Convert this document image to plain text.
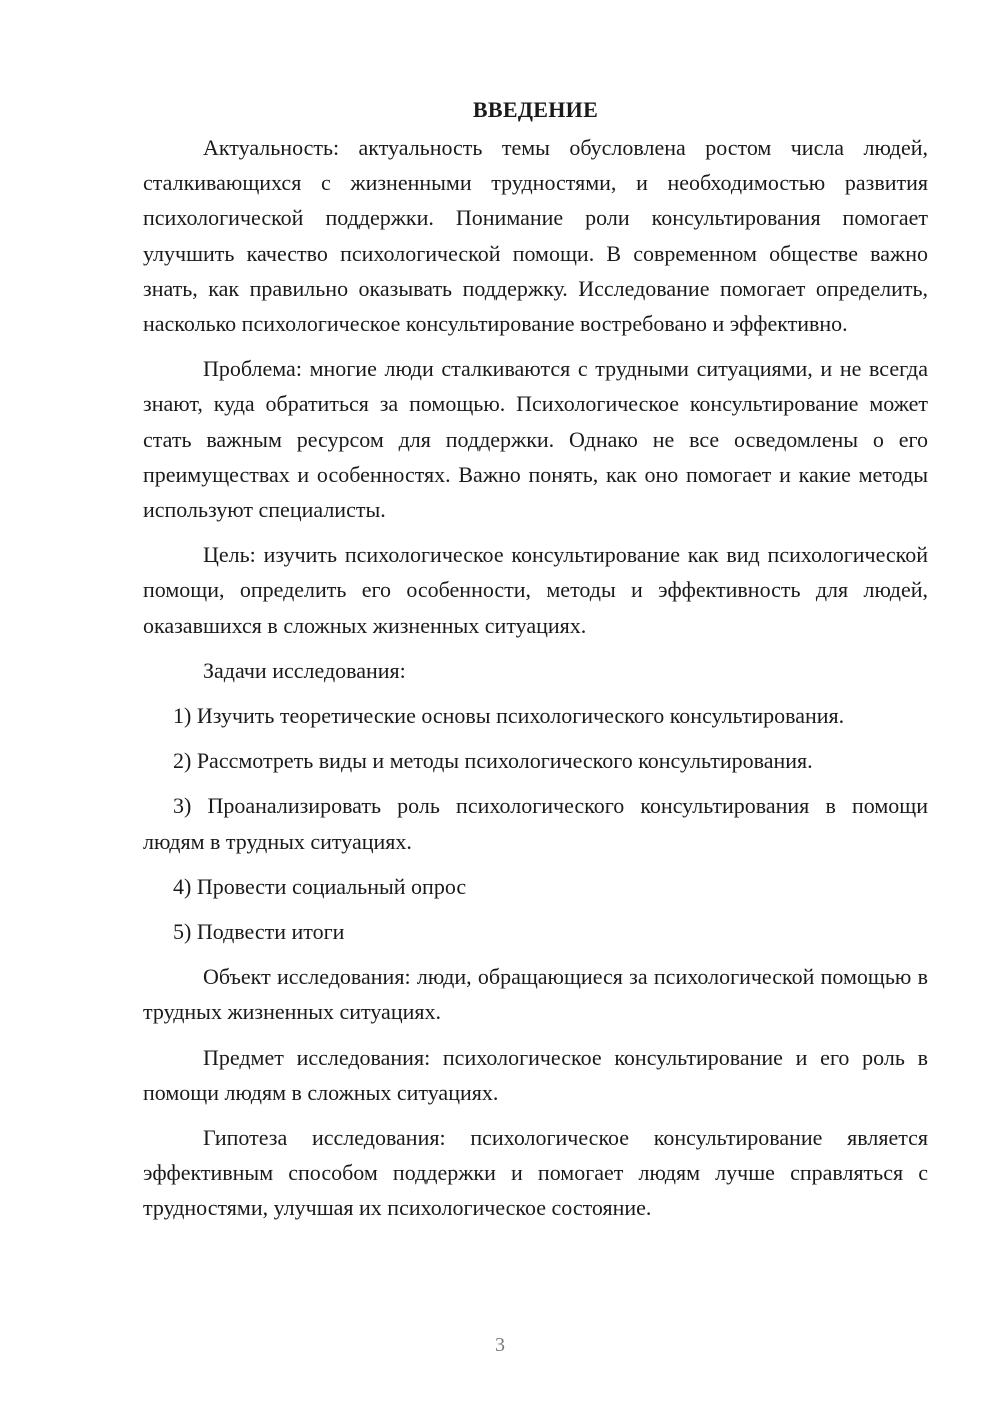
ВВЕДЕНИЕ

Актуальность: актуальность темы обусловлена ростом числа людей, сталкивающихся с жизненными трудностями, и необходимостью развития психологической поддержки. Понимание роли консультирования помогает улучшить качество психологической помощи. В современном обществе важно знать, как правильно оказывать поддержку. Исследование помогает определить, насколько психологическое консультирование востребовано и эффективно.

Проблема: многие люди сталкиваются с трудными ситуациями, и не всегда знают, куда обратиться за помощью. Психологическое консультирование может стать важным ресурсом для поддержки. Однако не все осведомлены о его преимуществах и особенностях. Важно понять, как оно помогает и какие методы используют специалисты.

Цель: изучить психологическое консультирование как вид психологической помощи, определить его особенности, методы и эффективность для людей, оказавшихся в сложных жизненных ситуациях.

Задачи исследования:

1) Изучить теоретические основы психологического консультирования.

2) Рассмотреть виды и методы психологического консультирования.

3) Проанализировать роль психологического консультирования в помощи людям в трудных ситуациях.

4) Провести социальный опрос

5) Подвести итоги

Объект исследования: люди, обращающиеся за психологической помощью в трудных жизненных ситуациях.

Предмет исследования: психологическое консультирование и его роль в помощи людям в сложных ситуациях.

Гипотеза исследования: психологическое консультирование является эффективным способом поддержки и помогает людям лучше справляться с трудностями, улучшая их психологическое состояние.

3
